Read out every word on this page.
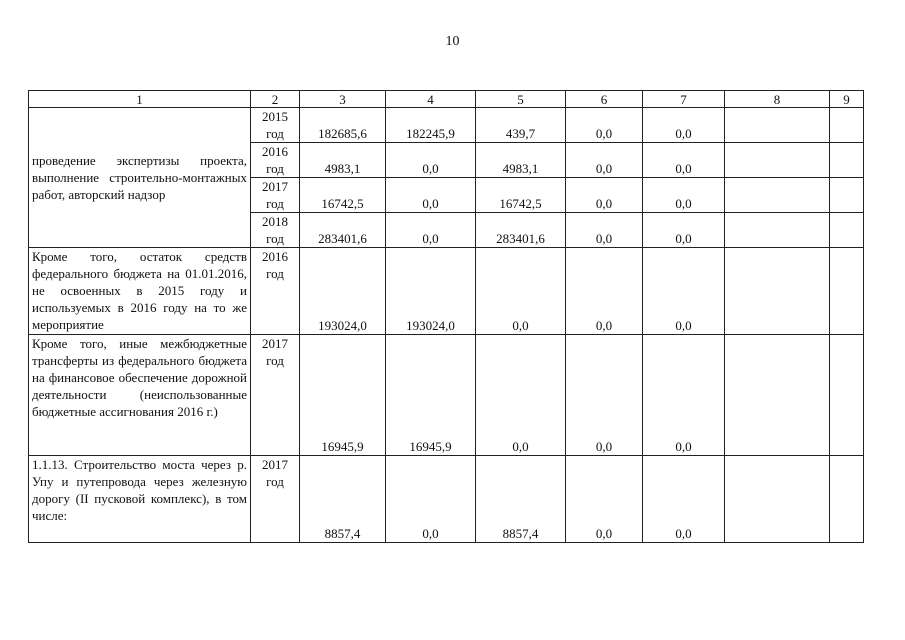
10
1	2	3	4	5	6	7	8	9
проведение экспертизы проекта, выполнение строительно-монтажных работ, авторский надзор	2015 год	182685,6	182245,9	439,7	0,0	0,0		
	2016 год	4983,1	0,0	4983,1	0,0	0,0		
	2017 год	16742,5	0,0	16742,5	0,0	0,0		
	2018 год	283401,6	0,0	283401,6	0,0	0,0		
Кроме того, остаток средств федерального бюджета на 01.01.2016, не освоенных в 2015 году и используемых в 2016 году на то же мероприятие	2016 год	193024,0	193024,0	0,0	0,0	0,0		
Кроме того, иные межбюджетные трансферты из федерального бюджета на финансовое обеспечение дорожной деятельности (неиспользованные бюджетные ассигнования 2016 г.)	2017 год	16945,9	16945,9	0,0	0,0	0,0		
1.1.13. Строительство моста через р. Упу и путепровода через железную дорогу (II пусковой комплекс), в том числе:	2017 год	8857,4	0,0	8857,4	0,0	0,0		
